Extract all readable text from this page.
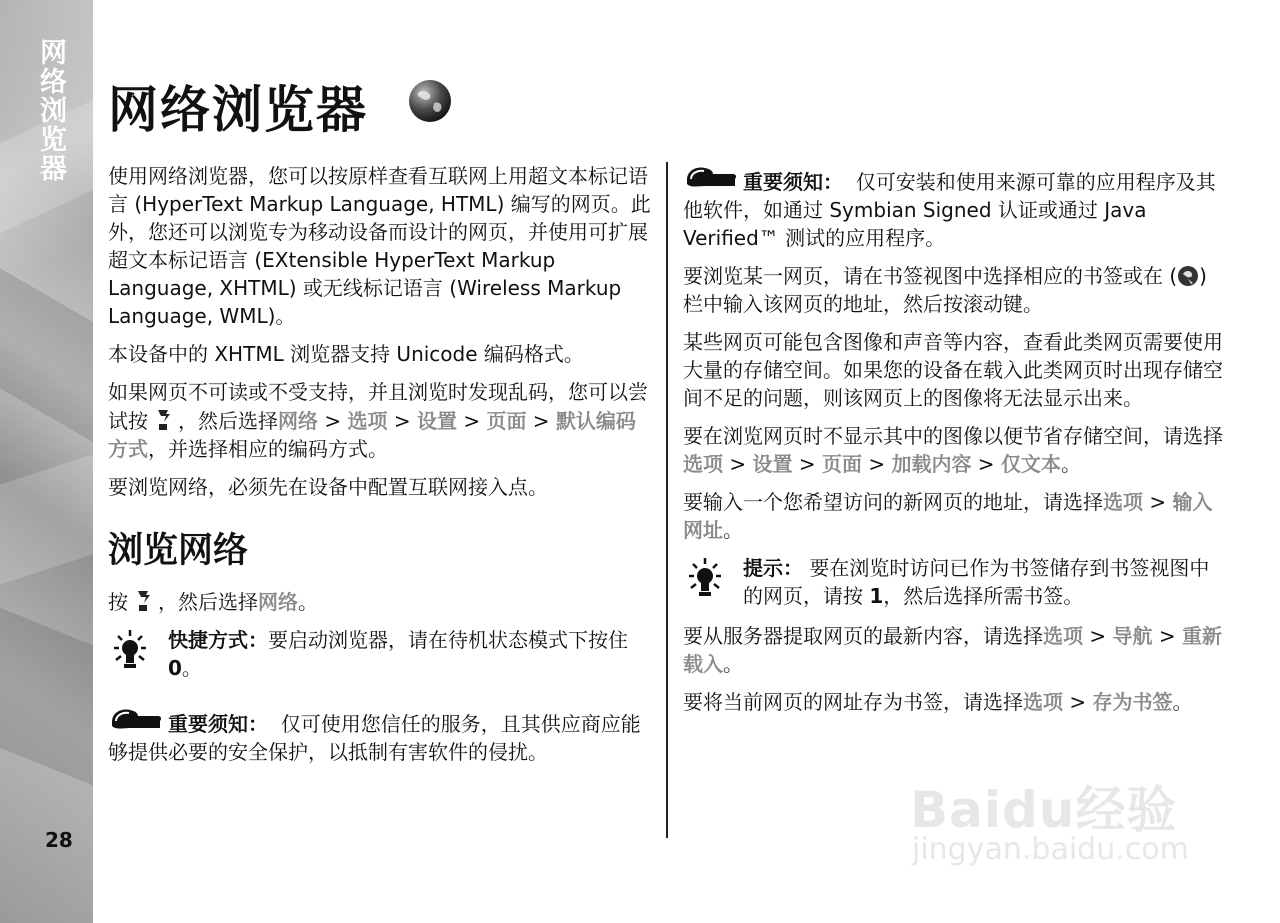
网络浏览器
28
网络浏览器

使用网络浏览器，您可以按原样查看互联网上用超文本标记语言 (HyperText Markup Language, HTML) 编写的网页。此外，您还可以浏览专为移动设备而设计的网页，并使用可扩展超文本标记语言 (EXtensible HyperText Markup Language, XHTML) 或无线标记语言 (Wireless Markup Language, WML)。

本设备中的 XHTML 浏览器支持 Unicode 编码格式。

如果网页不可读或不受支持，并且浏览时发现乱码，您可以尝试按 ，然后选择网络 > 选项 > 设置 > 页面 > 默认编码方式，并选择相应的编码方式。

要浏览网络，必须先在设备中配置互联网接入点。

浏览网络

按 ，然后选择网络。

快捷方式：要启动浏览器，请在待机状态模式下按住 0。

重要须知： 仅可使用您信任的服务，且其供应商应能够提供必要的安全保护，以抵制有害软件的侵扰。

重要须知： 仅可安装和使用来源可靠的应用程序及其他软件，如通过 Symbian Signed 认证或通过 Java Verified™ 测试的应用程序。

要浏览某一网页，请在书签视图中选择相应的书签或在 ( ) 栏中输入该网页的地址，然后按滚动键。

某些网页可能包含图像和声音等内容，查看此类网页需要使用大量的存储空间。如果您的设备在载入此类网页时出现存储空间不足的问题，则该网页上的图像将无法显示出来。

要在浏览网页时不显示其中的图像以便节省存储空间，请选择选项 > 设置 > 页面 > 加载内容 > 仅文本。

要输入一个您希望访问的新网页的地址，请选择选项 > 输入网址。

提示： 要在浏览时访问已作为书签储存到书签视图中的网页，请按 1，然后选择所需书签。

要从服务器提取网页的最新内容，请选择选项 > 导航 > 重新载入。

要将当前网页的网址存为书签，请选择选项 > 存为书签。

Baidu经验
jingyan.baidu.com
